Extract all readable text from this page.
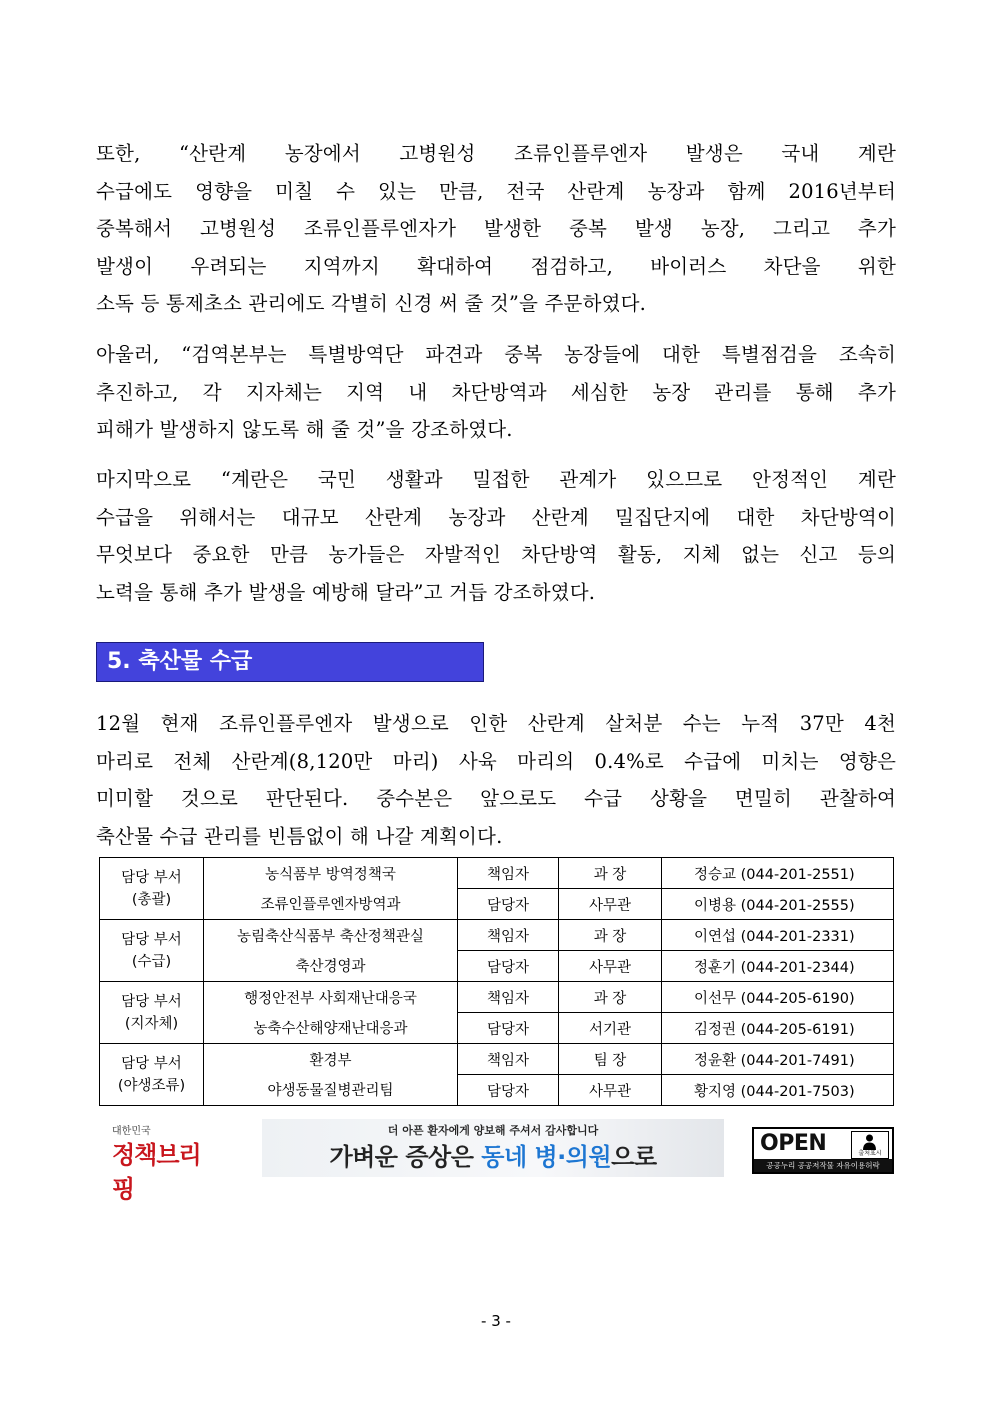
또한, “산란계 농장에서 고병원성 조류인플루엔자 발생은 국내 계란
수급에도 영향을 미칠 수 있는 만큼, 전국 산란계 농장과 함께 2016년부터
중복해서 고병원성 조류인플루엔자가 발생한 중복 발생 농장, 그리고 추가
발생이 우려되는 지역까지 확대하여 점검하고, 바이러스 차단을 위한
소독 등 통제초소 관리에도 각별히 신경 써 줄 것”을 주문하였다.
아울러, “검역본부는 특별방역단 파견과 중복 농장들에 대한 특별점검을 조속히
추진하고, 각 지자체는 지역 내 차단방역과 세심한 농장 관리를 통해 추가
피해가 발생하지 않도록 해 줄 것”을 강조하였다.
마지막으로 “계란은 국민 생활과 밀접한 관계가 있으므로 안정적인 계란
수급을 위해서는 대규모 산란계 농장과 산란계 밀집단지에 대한 차단방역이
무엇보다 중요한 만큼 농가들은 자발적인 차단방역 활동, 지체 없는 신고 등의
노력을 통해 추가 발생을 예방해 달라”고 거듭 강조하였다.
5. 축산물 수급
12월 현재 조류인플루엔자 발생으로 인한 산란계 살처분 수는 누적 37만 4천
마리로 전체 산란계(8,120만 마리) 사육 마리의 0.4%로 수급에 미치는 영향은
미미할 것으로 판단된다. 중수본은 앞으로도 수급 상황을 면밀히 관찰하여
축산물 수급 관리를 빈틈없이 해 나갈 계획이다.
담당 부서
(총괄)	농식품부 방역정책국	책임자	과 장	정승교 (044-201-2551)
	조류인플루엔자방역과	담당자	사무관	이병용 (044-201-2555)
담당 부서
(수급)	농림축산식품부 축산정책관실	책임자	과 장	이연섭 (044-201-2331)
	축산경영과	담당자	사무관	정훈기 (044-201-2344)
담당 부서
(지자체)	행정안전부 사회재난대응국	책임자	과 장	이선무 (044-205-6190)
	농축수산해양재난대응과	담당자	서기관	김정권 (044-205-6191)
담당 부서
(야생조류)	환경부	책임자	팀 장	정윤환 (044-201-7491)
	야생동물질병관리팀	담당자	사무관	황지영 (044-201-7503)
대한민국
정책브리핑
더 아픈 환자에게 양보해 주셔서 감사합니다
가벼운 증상은 동네 병·의원으로	OPEN	출처표시
공공누리 공공저작물 자유이용허락
- 3 -
